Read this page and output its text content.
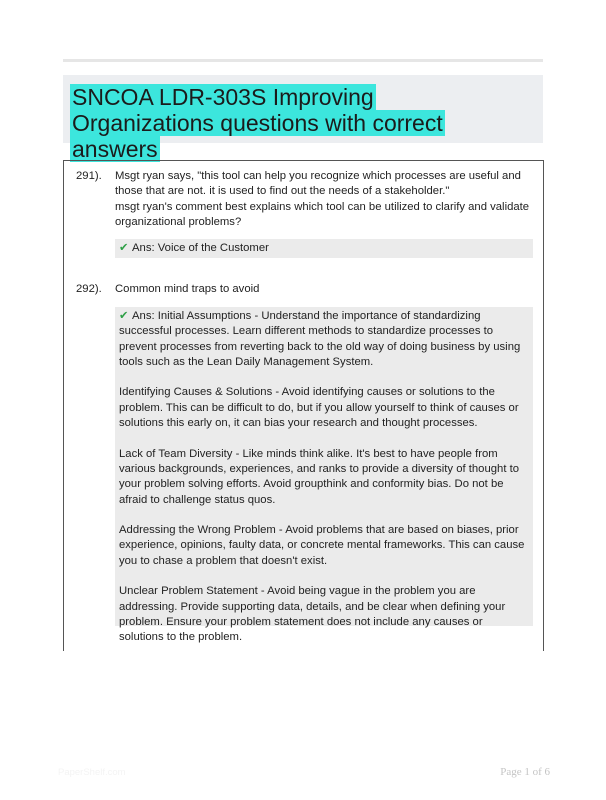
SNCOA LDR-303S Improving Organizations questions with correct answers
291). Msgt ryan says, "this tool can help you recognize which processes are useful and those that are not. it is used to find out the needs of a stakeholder."
msgt ryan's comment best explains which tool can be utilized to clarify and validate organizational problems?

✔ Ans: Voice of the Customer

292). Common mind traps to avoid

✔ Ans: Initial Assumptions - Understand the importance of standardizing successful processes. Learn different methods to standardize processes to prevent processes from reverting back to the old way of doing business by using tools such as the Lean Daily Management System.

Identifying Causes & Solutions - Avoid identifying causes or solutions to the problem. This can be difficult to do, but if you allow yourself to think of causes or solutions this early on, it can bias your research and thought processes.

Lack of Team Diversity - Like minds think alike. It's best to have people from various backgrounds, experiences, and ranks to provide a diversity of thought to your problem solving efforts. Avoid groupthink and conformity bias. Do not be afraid to challenge status quos.

Addressing the Wrong Problem - Avoid problems that are based on biases, prior experience, opinions, faulty data, or concrete mental frameworks. This can cause you to chase a problem that doesn't exist.

Unclear Problem Statement - Avoid being vague in the problem you are addressing. Provide supporting data, details, and be clear when defining your problem. Ensure your problem statement does not include any causes or solutions to the problem.

PaperShelf.com	Page 1 of 6
